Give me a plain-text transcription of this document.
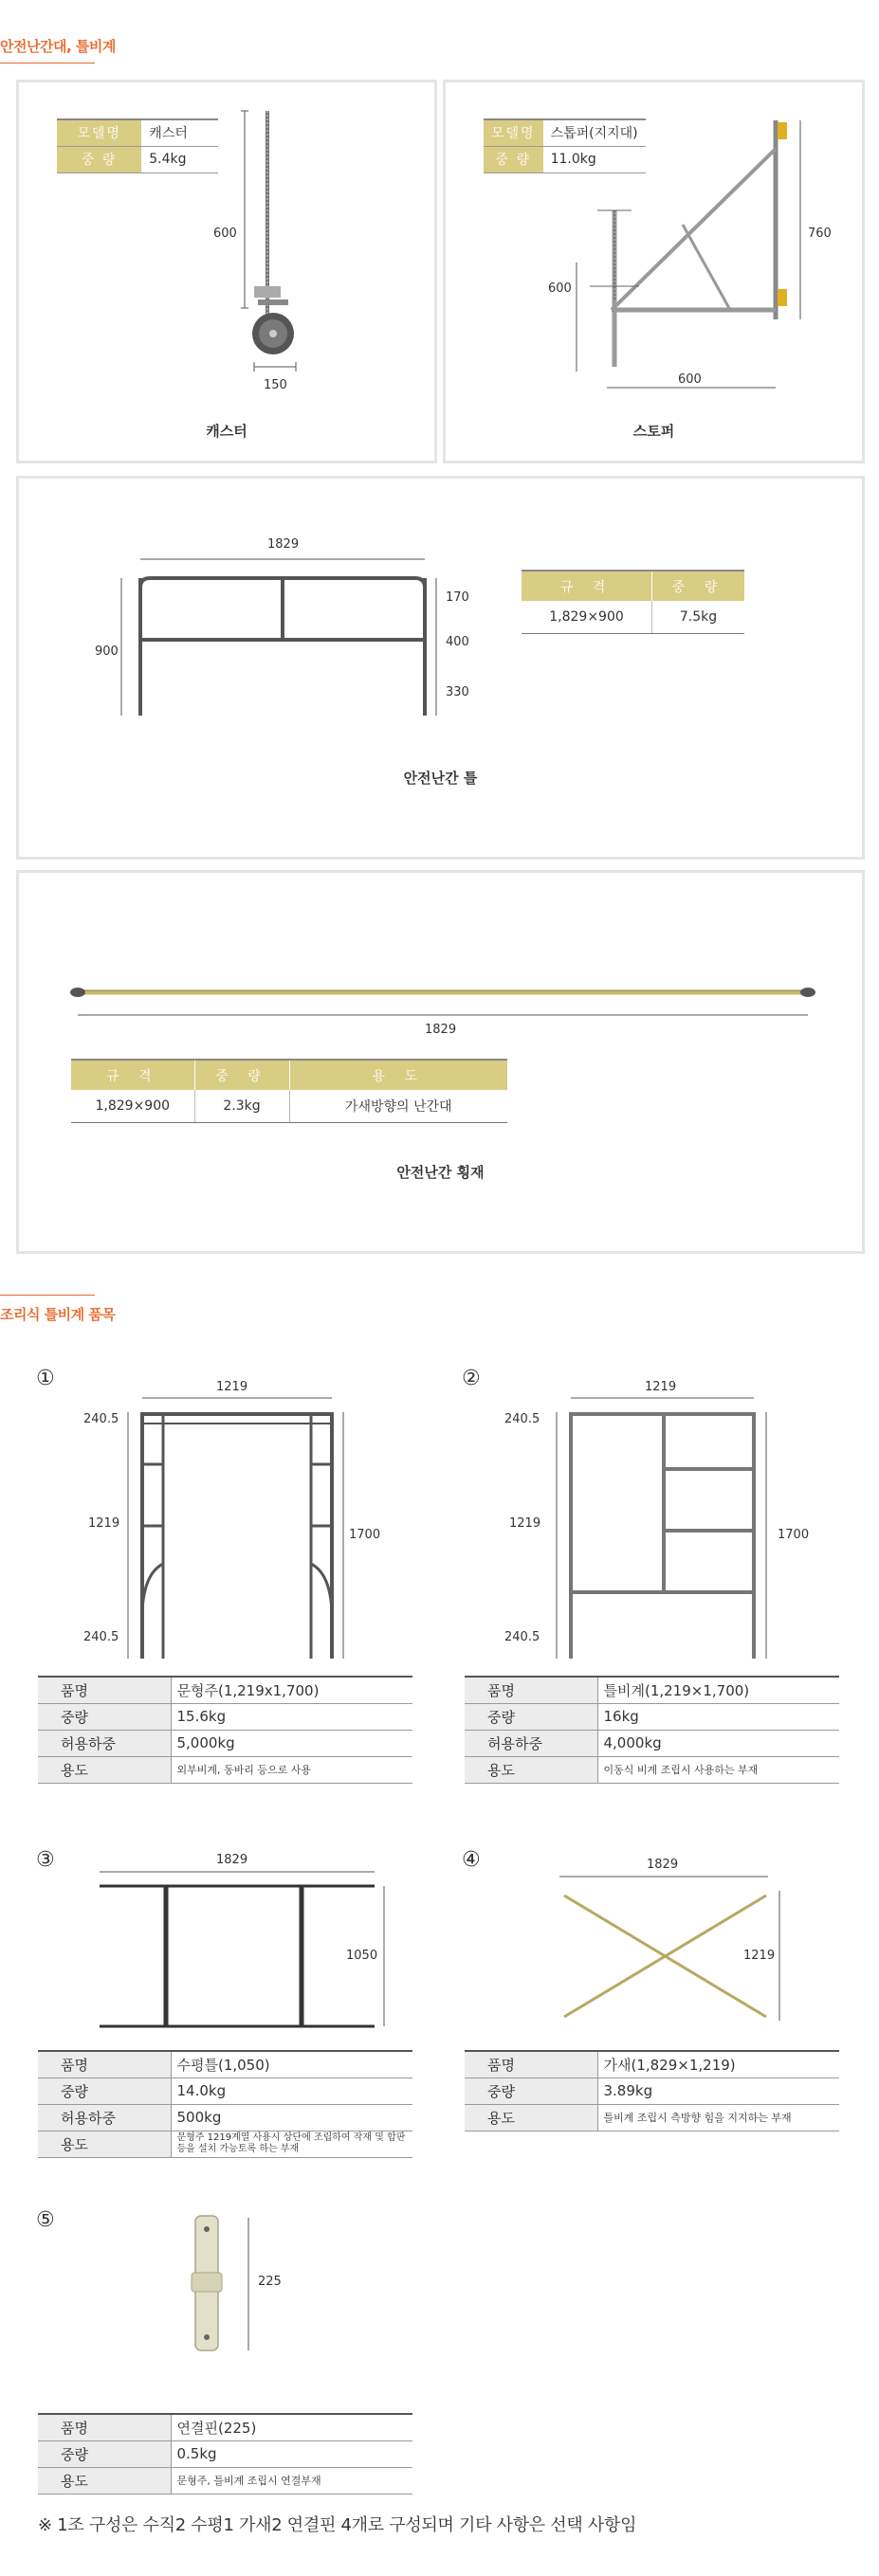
안전난간대, 틀비계
모델명	캐스터
중 량	5.4kg
600
150
캐스터
모델명	스톱퍼(지지대)
중 량	11.0kg
760
600
600
스토퍼
1829
900
170
400
330
규 격	중 량
1,829×900	7.5kg
안전난간 틀
1829
규 격	중 량	용 도
1,829×900	2.3kg	가새방향의 난간대
안전난간 횡재
조리식 틀비계 품목
①	1219
240.5
1219
240.5
1700
품명	문형주(1,219x1,700)
중량	15.6kg
허용하중	5,000kg
용도	외부비계, 동바리 등으로 사용
②	1219
240.5
1219
240.5
1700
품명	틀비계(1,219×1,700)
중량	16kg
허용하중	4,000kg
용도	이동식 비계 조립시 사용하는 부재
③	1829
1050
품명	수평틀(1,050)
중량	14.0kg
허용하중	500kg
용도	문형주 1219계열 사용시 상단에 조립하여 작재 및 합판 등을 설치 가능토록 하는 부재
④	1829
1219
품명	가새(1,829×1,219)
중량	3.89kg
용도	틀비계 조립시 측방향 힘을 지지하는 부재
⑤
225
품명	연결핀(225)
중량	0.5kg
용도	문형주, 틀비계 조립시 연결부재
※ 1조 구성은 수직2 수평1 가새2 연결핀 4개로 구성되며 기타 사항은 선택 사항임
